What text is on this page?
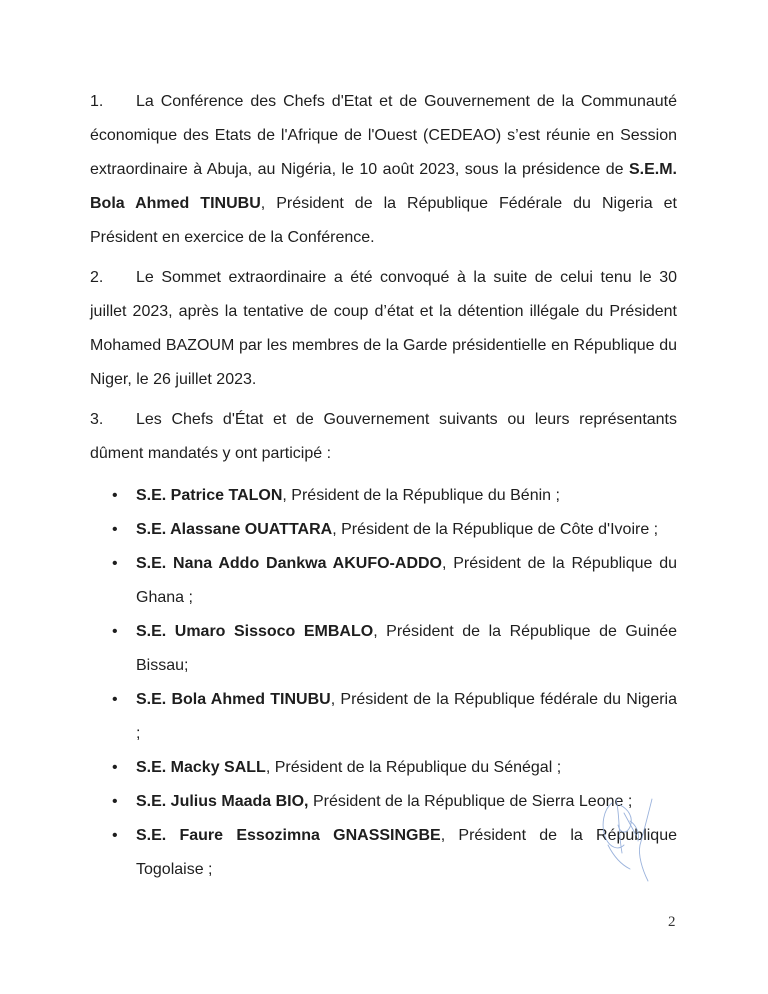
1. La Conférence des Chefs d'Etat et de Gouvernement de la Communauté économique des Etats de l'Afrique de l'Ouest (CEDEAO) s’est réunie en Session extraordinaire à Abuja, au Nigéria, le 10 août 2023, sous la présidence de S.E.M. Bola Ahmed TINUBU, Président de la République Fédérale du Nigeria et Président en exercice de la Conférence.

2. Le Sommet extraordinaire a été convoqué à la suite de celui tenu le 30 juillet 2023, après la tentative de coup d’état et la détention illégale du Président Mohamed BAZOUM par les membres de la Garde présidentielle en République du Niger, le 26 juillet 2023.

3. Les Chefs d'État et de Gouvernement suivants ou leurs représentants dûment mandatés y ont participé :

• S.E. Patrice TALON, Président de la République du Bénin ;
• S.E. Alassane OUATTARA, Président de la République de Côte d'Ivoire ;
• S.E. Nana Addo Dankwa AKUFO-ADDO, Président de la République du Ghana ;
• S.E. Umaro Sissoco EMBALO, Président de la République de Guinée Bissau;
• S.E. Bola Ahmed TINUBU, Président de la République fédérale du Nigeria ;
• S.E. Macky SALL, Président de la République du Sénégal ;
• S.E. Julius Maada BIO, Président de la République de Sierra Leone ;
• S.E. Faure Essozimna GNASSINGBE, Président de la République Togolaise ;
2
